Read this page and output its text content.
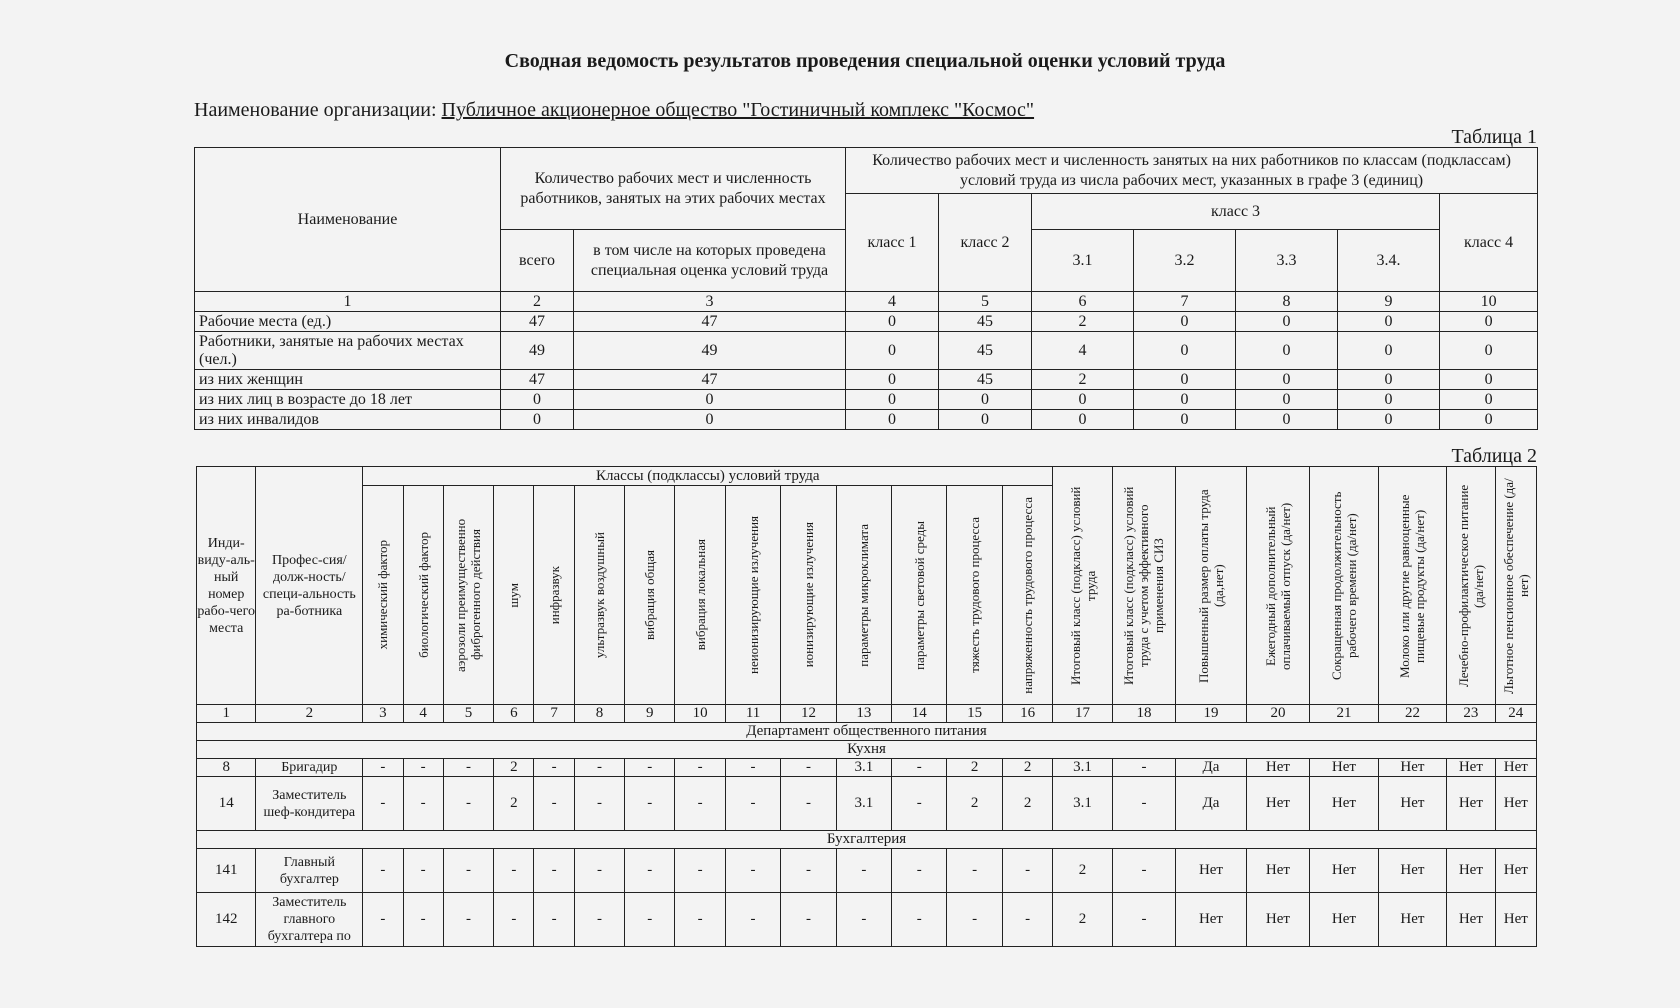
Сводная ведомость результатов проведения специальной оценки условий труда
Наименование организации: Публичное акционерное общество "Гостиничный комплекс "Космос"
Таблица 1
Наименование	Количество рабочих мест и численность работников, занятых на этих рабочих местах		Количество рабочих мест и численность занятых на них работников по классам (подклассам) условий труда из числа рабочих мест, указанных в графе 3 (единиц)						
			класс 1	класс 2	класс 3				класс 4
	всего	в том числе на которых проведена специальная оценка условий труда			3.1	3.2	3.3	3.4.	
1	2	3	4	5	6	7	8	9	10
Рабочие места (ед.)	47	47	0	45	2	0	0	0	0
Работники, занятые на рабочих местах (чел.)	49	49	0	45	4	0	0	0	0
из них женщин	47	47	0	45	2	0	0	0	0
из них лиц в возрасте до 18 лет	0	0	0	0	0	0	0	0	0
из них инвалидов	0	0	0	0	0	0	0	0	0
Таблица 2
Инди-виду-аль-ный номер рабо-чего места	Профес-сия/долж-ность/специ-альность ра-ботника	Классы (подклассы) условий труда														Итоговый класс (подкласс) условий труда	Итоговый класс (подкласс) условий труда с учетом эффективного применения СИЗ	Повышенный размер оплаты труда (да,нет)	Ежегодный дополнительный оплачиваемый отпуск (да/нет)	Сокращенная продолжительность рабочего времени (да/нет)	Молоко или другие равноценные пищевые продукты (да/нет)	Лечебно-профилактическое питание (да/нет)	Льготное пенсионное обеспечение (да/нет)

		химический фактор	биологический фактор	аэрозоли преимущественно фиброгенного действия	шум	инфразвук	ультразвук воздушный	вибрация общая	вибрация локальная	неионизирующие излучения	ионизирующие излучения	параметры микроклимата	параметры световой среды	тяжесть трудового процесса	напряженность трудового процесса								

1	2	3	4	5	6	7	8	9	10	11	12	13	14	15	16	17	18	19	20	21	22	23	24
Департамент общественного питания																							
Кухня																							
8	Бригадир	-	-	-	2	-	-	-	-	-	-	3.1	-	2	2	3.1	-	Да	Нет	Нет	Нет	Нет	Нет
14	Заместитель шеф-кондитера	-	-	-	2	-	-	-	-	-	-	3.1	-	2	2	3.1	-	Да	Нет	Нет	Нет	Нет	Нет
Бухгалтерия																							
141	Главный бухгалтер	-	-	-	-	-	-	-	-	-	-	-	-	-	-	2	-	Нет	Нет	Нет	Нет	Нет	Нет
142	Заместитель главного бухгалтера по	-	-	-	-	-	-	-	-	-	-	-	-	-	-	2	-	Нет	Нет	Нет	Нет	Нет	Нет
